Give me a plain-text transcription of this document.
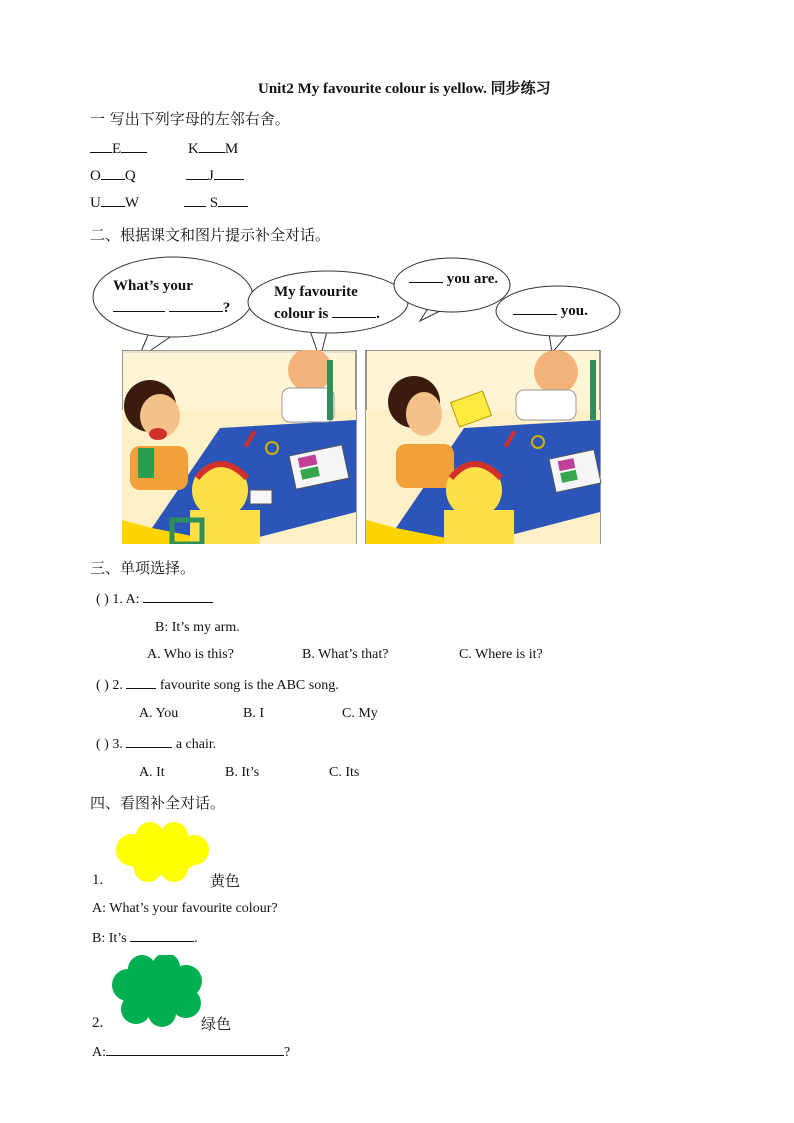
Unit2 My favourite colour is yellow. 同步练习
一 写出下列字母的左邻右舍。
E	K M
O Q	J
U W	S
二、根据课文和图片提示补全对话。
What’s your
?
My favourite
colour is	.
you are.
you.
三、单项选择。
( ) 1. A:
B: It’s my arm.
A. Who is this?	B. What’s that?	C. Where is it?
( ) 2.	favourite song is the ABC song.
A. You	B. I	C. My
( ) 3.	a chair.
A. It	B. It’s	C. Its
四、看图补全对话。
1.	黄色
A: What’s your favourite colour?
B: It’s	.
2.	绿色
A:	?
